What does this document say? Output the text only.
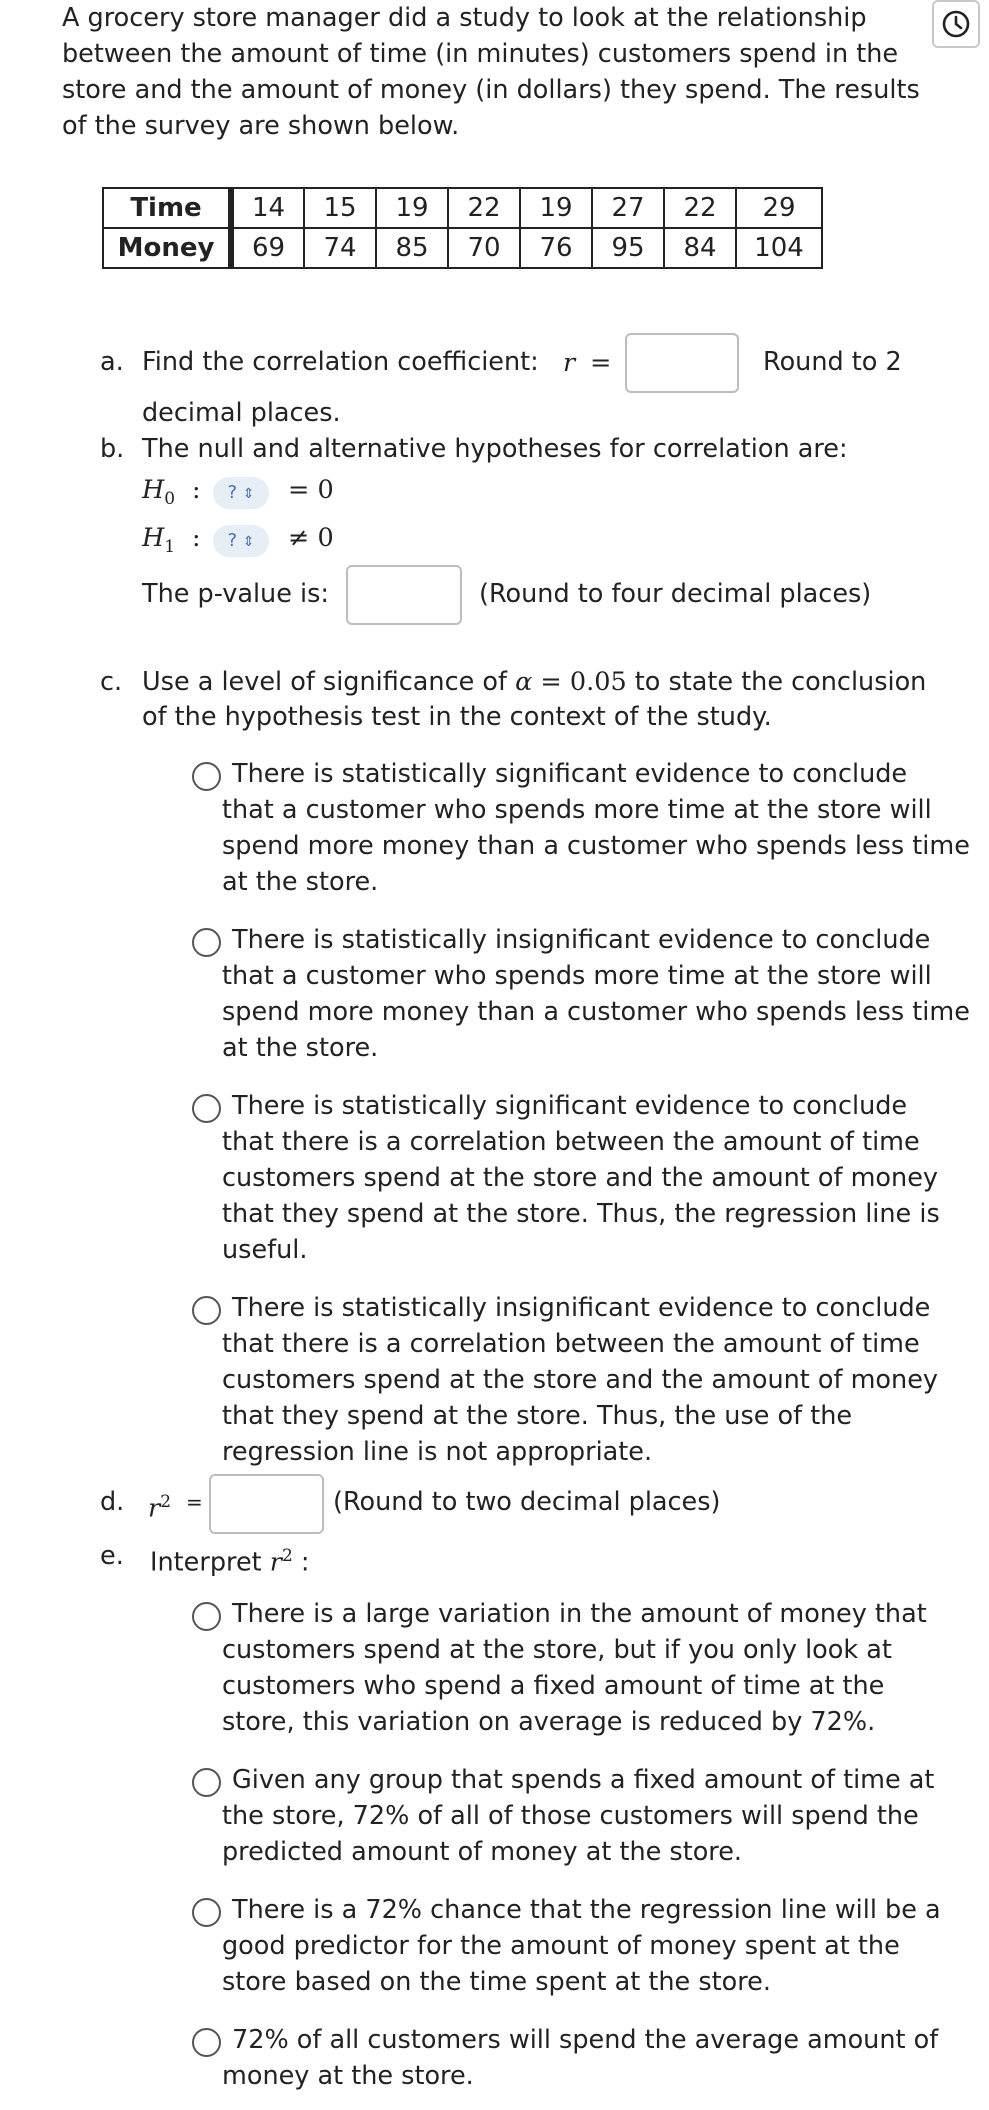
A grocery store manager did a study to look at the relationship between the amount of time (in minutes) customers spend in the store and the amount of money (in dollars) they spend. The results of the survey are shown below.

Time	14	15	19	22	19	27	22	29
Money	69	74	85	70	76	95	84	104
a. Find the correlation coefficient: r =	Round to 2
decimal places.
b. The null and alternative hypotheses for correlation are:
$H_0$ :	? ⇕	= 0
$H_1$ :	? ⇕	≠ 0
The p-value is:	(Round to four decimal places)
c. Use a level of significance of α = 0.05 to state the conclusion
of the hypothesis test in the context of the study.
There is statistically significant evidence to conclude
that a customer who spends more time at the store will
spend more money than a customer who spends less time
at the store.
There is statistically insignificant evidence to conclude
that a customer who spends more time at the store will
spend more money than a customer who spends less time
at the store.
There is statistically significant evidence to conclude
that there is a correlation between the amount of time
customers spend at the store and the amount of money
that they spend at the store. Thus, the regression line is
useful.
There is statistically insignificant evidence to conclude
that there is a correlation between the amount of time
customers spend at the store and the amount of money
that they spend at the store. Thus, the use of the
regression line is not appropriate.
d. $r^2$ =	(Round to two decimal places)
e. Interpret $r^2$ :
There is a large variation in the amount of money that
customers spend at the store, but if you only look at
customers who spend a fixed amount of time at the
store, this variation on average is reduced by 72%.
Given any group that spends a fixed amount of time at
the store, 72% of all of those customers will spend the
predicted amount of money at the store.
There is a 72% chance that the regression line will be a
good predictor for the amount of money spent at the
store based on the time spent at the store.
72% of all customers will spend the average amount of
money at the store.
